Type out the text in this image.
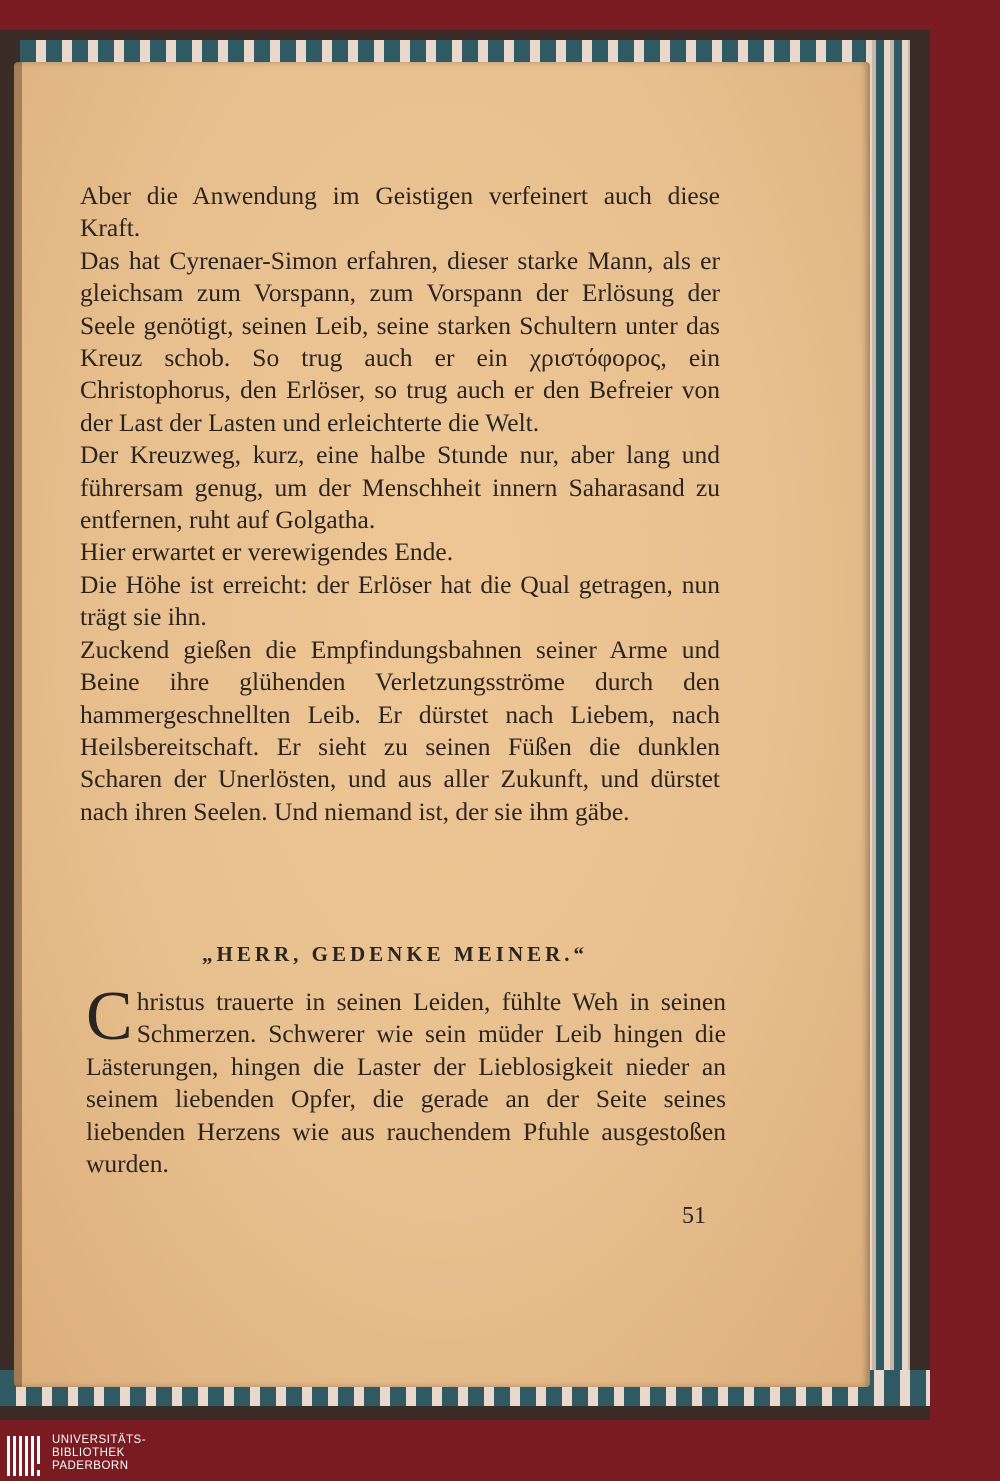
Aber die Anwendung im Geistigen verfeinert auch diese Kraft.

Das hat Cyrenaer-Simon erfahren, dieser starke Mann, als er gleichsam zum Vorspann, zum Vorspann der Erlösung der Seele genötigt, seinen Leib, seine starken Schultern unter das Kreuz schob. So trug auch er ein χριστόφορος, ein Christophorus, den Erlöser, so trug auch er den Befreier von der Last der Lasten und erleichterte die Welt.

Der Kreuzweg, kurz, eine halbe Stunde nur, aber lang und führersam genug, um der Menschheit innern Saharasand zu entfernen, ruht auf Golgatha.

Hier erwartet er verewigendes Ende.

Die Höhe ist erreicht: der Erlöser hat die Qual getragen, nun trägt sie ihn.

Zuckend gießen die Empfindungsbahnen seiner Arme und Beine ihre glühenden Verletzungsströme durch den hammergeschnellten Leib. Er dürstet nach Liebem, nach Heilsbereitschaft. Er sieht zu seinen Füßen die dunklen Scharen der Unerlösten, und aus aller Zukunft, und dürstet nach ihren Seelen. Und niemand ist, der sie ihm gäbe.

„HERR, GEDENKE MEINER.“
Christus trauerte in seinen Leiden, fühlte Weh in seinen Schmerzen. Schwerer wie sein müder Leib hingen die Lästerungen, hingen die Laster der Lieblosigkeit nieder an seinem liebenden Opfer, die gerade an der Seite seines liebenden Herzens wie aus rauchendem Pfuhle ausgestoßen wurden.
51
UNIVERSITÄTS-
BIBLIOTHEK
PADERBORN
